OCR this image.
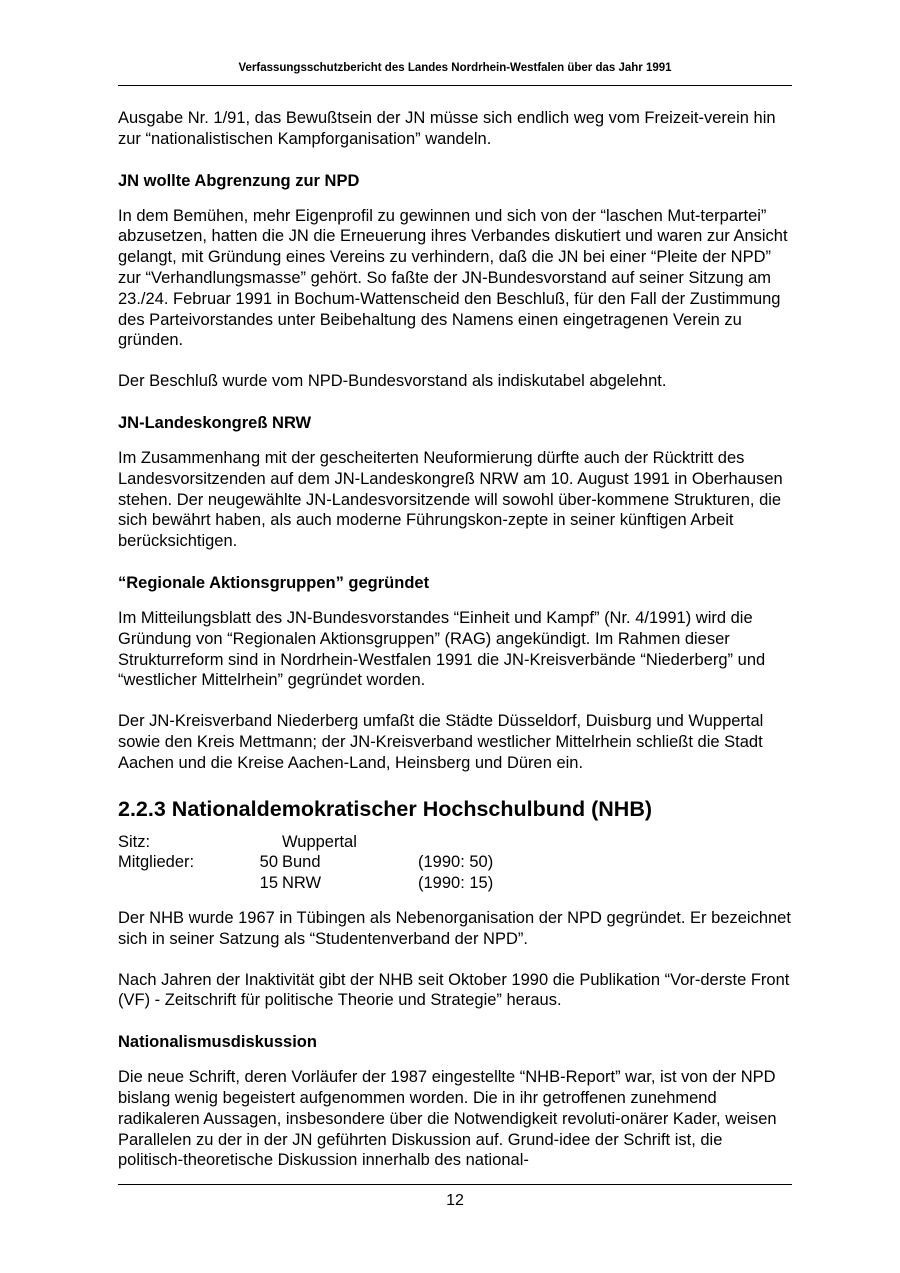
Verfassungsschutzbericht des Landes Nordrhein-Westfalen über das Jahr 1991

Ausgabe Nr. 1/91, das Bewußtsein der JN müsse sich endlich weg vom Freizeit-verein hin zur “nationalistischen Kampforganisation” wandeln.

JN wollte Abgrenzung zur NPD

In dem Bemühen, mehr Eigenprofil zu gewinnen und sich von der “laschen Mut-terpartei” abzusetzen, hatten die JN die Erneuerung ihres Verbandes diskutiert und waren zur Ansicht gelangt, mit Gründung eines Vereins zu verhindern, daß die JN bei einer “Pleite der NPD” zur “Verhandlungsmasse” gehört. So faßte der JN-Bundesvorstand auf seiner Sitzung am 23./24. Februar 1991 in Bochum-Wattenscheid den Beschluß, für den Fall der Zustimmung des Parteivorstandes unter Beibehaltung des Namens einen eingetragenen Verein zu gründen.

Der Beschluß wurde vom NPD-Bundesvorstand als indiskutabel abgelehnt.

JN-Landeskongreß NRW

Im Zusammenhang mit der gescheiterten Neuformierung dürfte auch der Rücktritt des Landesvorsitzenden auf dem JN-Landeskongreß NRW am 10. August 1991 in Oberhausen stehen. Der neugewählte JN-Landesvorsitzende will sowohl über-kommene Strukturen, die sich bewährt haben, als auch moderne Führungskon-zepte in seiner künftigen Arbeit berücksichtigen.

“Regionale Aktionsgruppen” gegründet

Im Mitteilungsblatt des JN-Bundesvorstandes “Einheit und Kampf” (Nr. 4/1991) wird die Gründung von “Regionalen Aktionsgruppen” (RAG) angekündigt. Im Rahmen dieser Strukturreform sind in Nordrhein-Westfalen 1991 die JN-Kreisverbände “Niederberg” und “westlicher Mittelrhein” gegründet worden.

Der JN-Kreisverband Niederberg umfaßt die Städte Düsseldorf, Duisburg und Wuppertal sowie den Kreis Mettmann; der JN-Kreisverband westlicher Mittelrhein schließt die Stadt Aachen und die Kreise Aachen-Land, Heinsberg und Düren ein.

2.2.3 Nationaldemokratischer Hochschulbund (NHB)
Sitz:		Wuppertal	
Mitglieder:	50	Bund	(1990: 50)
	15	NRW	(1990: 15)

Der NHB wurde 1967 in Tübingen als Nebenorganisation der NPD gegründet. Er bezeichnet sich in seiner Satzung als “Studentenverband der NPD”.

Nach Jahren der Inaktivität gibt der NHB seit Oktober 1990 die Publikation “Vor-derste Front (VF) - Zeitschrift für politische Theorie und Strategie” heraus.

Nationalismusdiskussion

Die neue Schrift, deren Vorläufer der 1987 eingestellte “NHB-Report” war, ist von der NPD bislang wenig begeistert aufgenommen worden. Die in ihr getroffenen zunehmend radikaleren Aussagen, insbesondere über die Notwendigkeit revoluti-onärer Kader, weisen Parallelen zu der in der JN geführten Diskussion auf. Grund-idee der Schrift ist, die politisch-theoretische Diskussion innerhalb des national-

12
